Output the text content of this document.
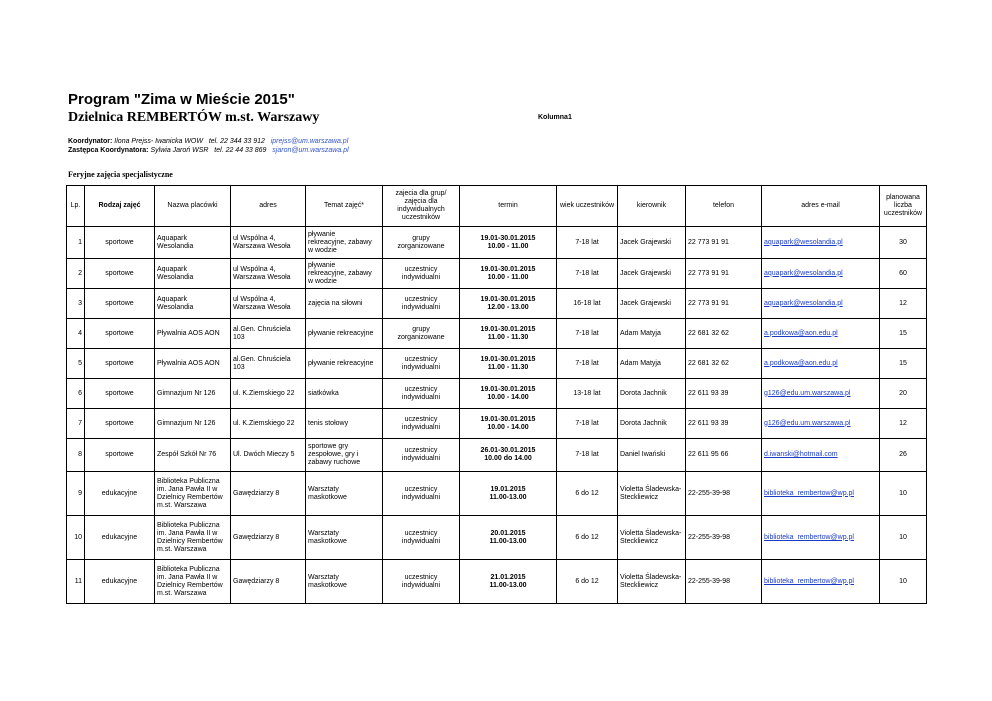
Program "Zima w Mieście 2015"
Dzielnica REMBERTÓW m.st. Warszawy	Kolumna1
Koordynator: Ilona Prejss- Iwanicka WOW tel. 22 344 33 912 iprejss@um.warszawa.pl
Zastępca Koordynatora: Sylwia Jaroń WSR tel. 22 44 33 869 sjaron@um.warszawa.pl
Feryjne zajęcia specjalistyczne
Lp.	Rodzaj zajęć	Nazwa placówki	adres	Temat zajęć*	zajecia dla grup/
zajęcia dla
indywidualnych
uczestników	termin	wiek uczestników	kierownik	telefon	adres e-mail	planowana
liczba
uczestników
1	sportowe	Aquapark
Wesolandia	ul Wspólna 4,
Warszawa Wesoła	pływanie
rekreacyjne, zabawy
w wodzie	grupy
zorganizowane	19.01-30.01.2015
10.00 - 11.00	7-18 lat	Jacek Grajewski	22 773 91 91	aquapark@wesolandia.pl	30
2	sportowe	Aquapark
Wesolandia	ul Wspólna 4,
Warszawa Wesoła	pływanie
rekreacyjne, zabawy
w wodzie	uczestnicy
indywidualni	19.01-30.01.2015
10.00 - 11.00	7-18 lat	Jacek Grajewski	22 773 91 91	aquapark@wesolandia.pl	60
3	sportowe	Aquapark
Wesolandia	ul Wspólna 4,
Warszawa Wesoła	zajęcia na siłowni	uczestnicy
indywidualni	19.01-30.01.2015
12.00 - 13.00	16-18 lat	Jacek Grajewski	22 773 91 91	aquapark@wesolandia.pl	12
4	sportowe	Pływalnia AOS AON	al.Gen. Chruściela
103	pływanie rekreacyjne	grupy
zorganizowane	19.01-30.01.2015
11.00 - 11.30	7-18 lat	Adam Matyja	22 681 32 62	a.podkowa@aon.edu.pl	15
5	sportowe	Pływalnia AOS AON	al.Gen. Chruściela
103	pływanie rekreacyjne	uczestnicy
indywidualni	19.01-30.01.2015
11.00 - 11.30	7-18 lat	Adam Matyja	22 681 32 62	a.podkowa@aon.edu.pl	15
6	sportowe	Gimnazjum Nr 126	ul. K.Ziemskiego 22	siatkówka	uczestnicy
indywidualni	19.01-30.01.2015
10.00 - 14.00	13-18 lat	Dorota Jachnik	22 611 93 39	g126@edu.um.warszawa.pl	20
7	sportowe	Gimnazjum Nr 126	ul. K.Ziemskiego 22	tenis stołowy	uczestnicy
indywidualni	19.01-30.01.2015
10.00 - 14.00	7-18 lat	Dorota Jachnik	22 611 93 39	g126@edu.um.warszawa.pl	12
8	sportowe	Zespół Szkół Nr 76	Ul. Dwóch Mieczy 5	sportowe gry
zespołowe, gry i
zabawy ruchowe	uczestnicy
indywidualni	26.01-30.01.2015
10.00 do 14.00	7-18 lat	Daniel Iwański	22 611 95 66	d.iwanski@hotmail.com	26
9	edukacyjne	Biblioteka Publiczna
im. Jana Pawła II w
Dzielnicy Rembertów
m.st. Warszawa	Gawędziarzy 8	Warsztaty
maskotkowe	uczestnicy
indywidualni	19.01.2015
11.00-13.00	6 do 12	Violetta Śladewska-
Steckliewicz	22-255-39-98	biblioteka_rembertow@wp.pl	10
10	edukacyjne	Biblioteka Publiczna
im. Jana Pawła II w
Dzielnicy Rembertów
m.st. Warszawa	Gawędziarzy 8	Warsztaty
maskotkowe	uczestnicy
indywidualni	20.01.2015
11.00-13.00	6 do 12	Violetta Śladewska-
Steckliewicz	22-255-39-98	biblioteka_rembertow@wp.pl	10
11	edukacyjne	Biblioteka Publiczna
im. Jana Pawła II w
Dzielnicy Rembertów
m.st. Warszawa	Gawędziarzy 8	Warsztaty
maskotkowe	uczestnicy
indywidualni	21.01.2015
11.00-13.00	6 do 12	Violetta Śladewska-
Steckliewicz	22-255-39-98	biblioteka_rembertow@wp.pl	10
